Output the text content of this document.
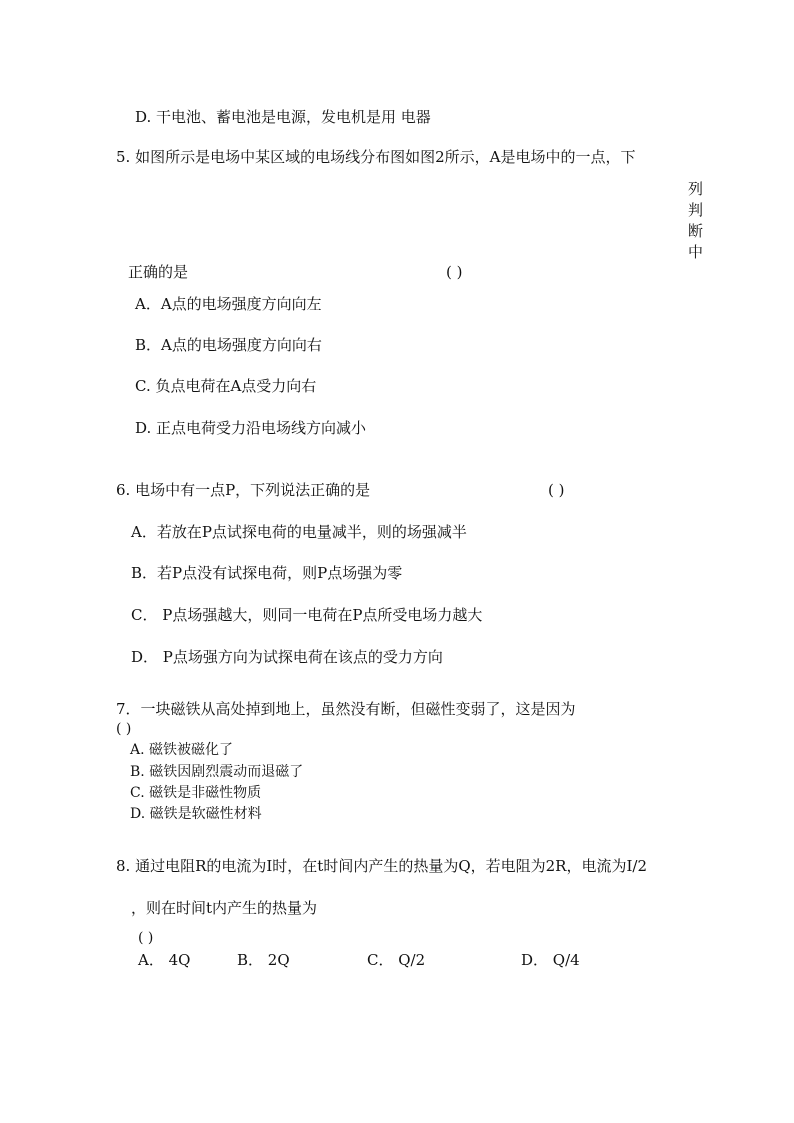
D. 干电池、蓄电池是电源，发电机是用 电器
5. 如图所示是电场中某区域的电场线分布图如图2所示，A是电场中的一点，下
列
判
断
中
正确的是	( )
A．A点的电场强度方向向左
B．A点的电场强度方向向右
C. 负点电荷在A点受力向右
D. 正点电荷受力沿电场线方向减小
6. 电场中有一点P，下列说法正确的是	( )
A．若放在P点试探电荷的电量减半，则的场强减半
B．若P点没有试探电荷，则P点场强为零
C． P点场强越大，则同一电荷在P点所受电场力越大
D． P点场强方向为试探电荷在该点的受力方向
7．一块磁铁从高处掉到地上，虽然没有断，但磁性变弱了，这是因为
( )
A. 磁铁被磁化了
B. 磁铁因剧烈震动而退磁了
C. 磁铁是非磁性物质
D. 磁铁是软磁性材料
8. 通过电阻R的电流为I时，在t时间内产生的热量为Q，若电阻为2R，电流为I/2
，则在时间t内产生的热量为
( )
A． 4Q	B． 2Q	C． Q/2	D． Q/4
